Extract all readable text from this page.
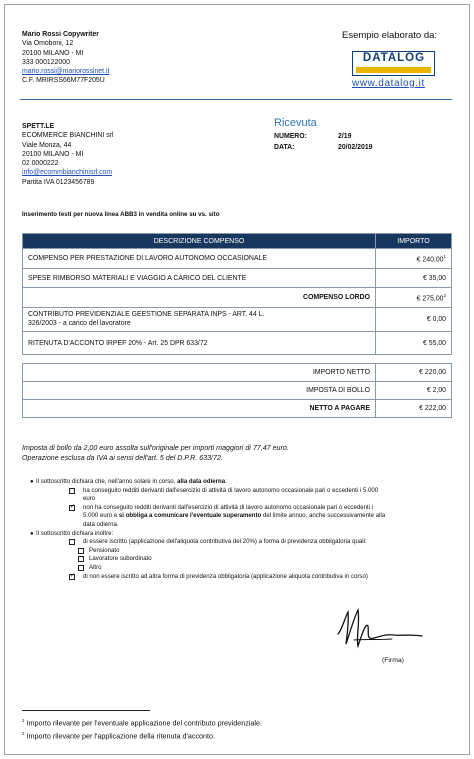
Mario Rossi Copywriter
Via Omoboni, 12
20100 MILANO - MI
333 000122000
mario.rossi@mariorossinet.it
C.F. MRIRSS66M77F205U
Esempio elaborato da:
DATALOG
www.datalog.it
SPETT.LE
ECOMMERCE BIANCHINI srl
Viale Monza, 44
20100 MILANO - MI
02 0000222
info@ecommbianchinisrl.com
Partita IVA 0123456789
Ricevuta
NUMERO:	2/19
DATA:	20/02/2019
Inserimento testi per nuova linea ABB3 in vendita online su vs. sito
DESCRIZIONE COMPENSO	IMPORTO
COMPENSO PER PRESTAZIONE DI LAVORO AUTONOMO OCCASIONALE	€ 240,00$^1$
SPESE RIMBORSO MATERIALI E VIAGGIO A CARICO DEL CLIENTE	€ 35,00
COMPENSO LORDO	€ 275,00$^2$

CONTRIBUTO PREVIDENZIALE GEESTIONE SEPARATA INPS - ART. 44 L.
326/2003 - a carico del lavoratore	€ 0,00
RITENUTA D'ACCONTO IRPEF 20% - Art. 25 DPR 633/72	€ 55,00

IMPORTO NETTO	€ 220,00
IMPOSTA DI BOLLO	€ 2,00
NETTO A PAGARE	€ 222,00
Imposta di bollo da 2,00 euro assolta sull'originale per importi maggiori di 77,47 euro.
Operazione esclusa da IVA ai sensi dell'art. 5 del D.P.R. 633/72.
● Il sottoscritto dichiara che, nell'anno solare in corso, alla data odierna:
ha conseguito redditi derivanti dall'esercizio di attività di lavoro autonomo occasionale pari o eccedenti i 5.000
euro
✓
non ha conseguito redditi derivanti dall'esercizio di attività di lavoro autonomo occasionale pari o eccedenti i
5.000 euro e si obbliga a comunicare l'eventuale superamento del limite annuo, anche successivamente alla
data odierna.
● Il sottoscritto dichiara inoltre:
di essere iscritto (applicazione dell'aliquota contributiva del 20%) a forma di previdenza obbligatoria quali:
Pensionato
Lavoratore subordinato
Altro
✓
di non essere iscritto ad altra forma di previdenza obbligatoria (applicazione aliquota contributiva in corso)
(Firma)
$^1$ Importo rilevante per l'eventuale applicazione del contributo previdenziale.
$^2$ Importo rilevante per l'applicazione della ritenuta d'acconto.
